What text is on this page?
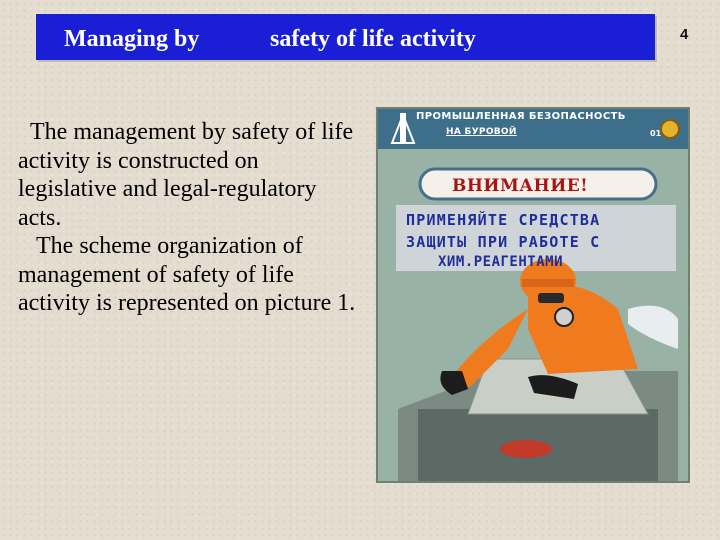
Managing by	safety of life activity	4

The management by safety of life activity is constructed on legislative and legal-regulatory acts.

The scheme organization of  management of safety of life activity is represented on picture 1.

ПРОМЫШЛЕННАЯ БЕЗОПАСНОСТЬ
НА БУРОВОЙ	01
ВНИМАНИЕ!
ПРИМЕНЯЙТЕ СРЕДСТВА
ЗАЩИТЫ ПРИ РАБОТЕ С
ХИМ.РЕАГЕНТАМИ
